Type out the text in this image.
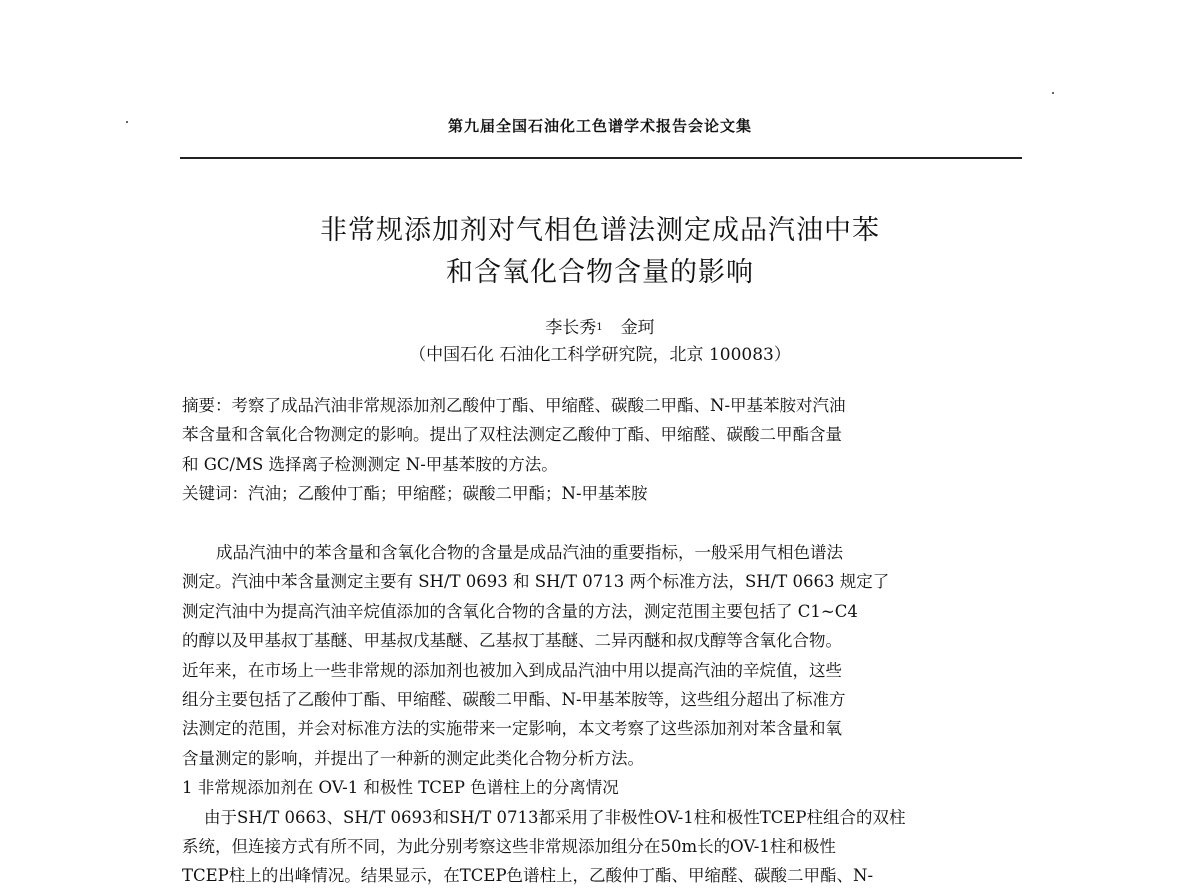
第九届全国石油化工色谱学术报告会论文集
非常规添加剂对气相色谱法测定成品汽油中苯
和含氧化合物含量的影响
李长秀$^1$ 金珂
（中国石化 石油化工科学研究院，北京 100083）
摘要：考察了成品汽油非常规添加剂乙酸仲丁酯、甲缩醛、碳酸二甲酯、N-甲基苯胺对汽油
苯含量和含氧化合物测定的影响。提出了双柱法测定乙酸仲丁酯、甲缩醛、碳酸二甲酯含量
和 GC/MS 选择离子检测测定 N-甲基苯胺的方法。
关键词：汽油；乙酸仲丁酯；甲缩醛；碳酸二甲酯；N-甲基苯胺
成品汽油中的苯含量和含氧化合物的含量是成品汽油的重要指标，一般采用气相色谱法
测定。汽油中苯含量测定主要有 SH/T 0693 和 SH/T 0713 两个标准方法，SH/T 0663 规定了
测定汽油中为提高汽油辛烷值添加的含氧化合物的含量的方法，测定范围主要包括了 C1~C4
的醇以及甲基叔丁基醚、甲基叔戊基醚、乙基叔丁基醚、二异丙醚和叔戊醇等含氧化合物。
近年来，在市场上一些非常规的添加剂也被加入到成品汽油中用以提高汽油的辛烷值，这些
组分主要包括了乙酸仲丁酯、甲缩醛、碳酸二甲酯、N-甲基苯胺等，这些组分超出了标准方
法测定的范围，并会对标准方法的实施带来一定影响，本文考察了这些添加剂对苯含量和氧
含量测定的影响，并提出了一种新的测定此类化合物分析方法。
1 非常规添加剂在 OV-1 和极性 TCEP 色谱柱上的分离情况
由于SH/T 0663、SH/T 0693和SH/T 0713都采用了非极性OV-1柱和极性TCEP柱组合的双柱
系统，但连接方式有所不同，为此分别考察这些非常规添加组分在50m长的OV-1柱和极性
TCEP柱上的出峰情况。结果显示，在TCEP色谱柱上，乙酸仲丁酯、甲缩醛、碳酸二甲酯、N-
